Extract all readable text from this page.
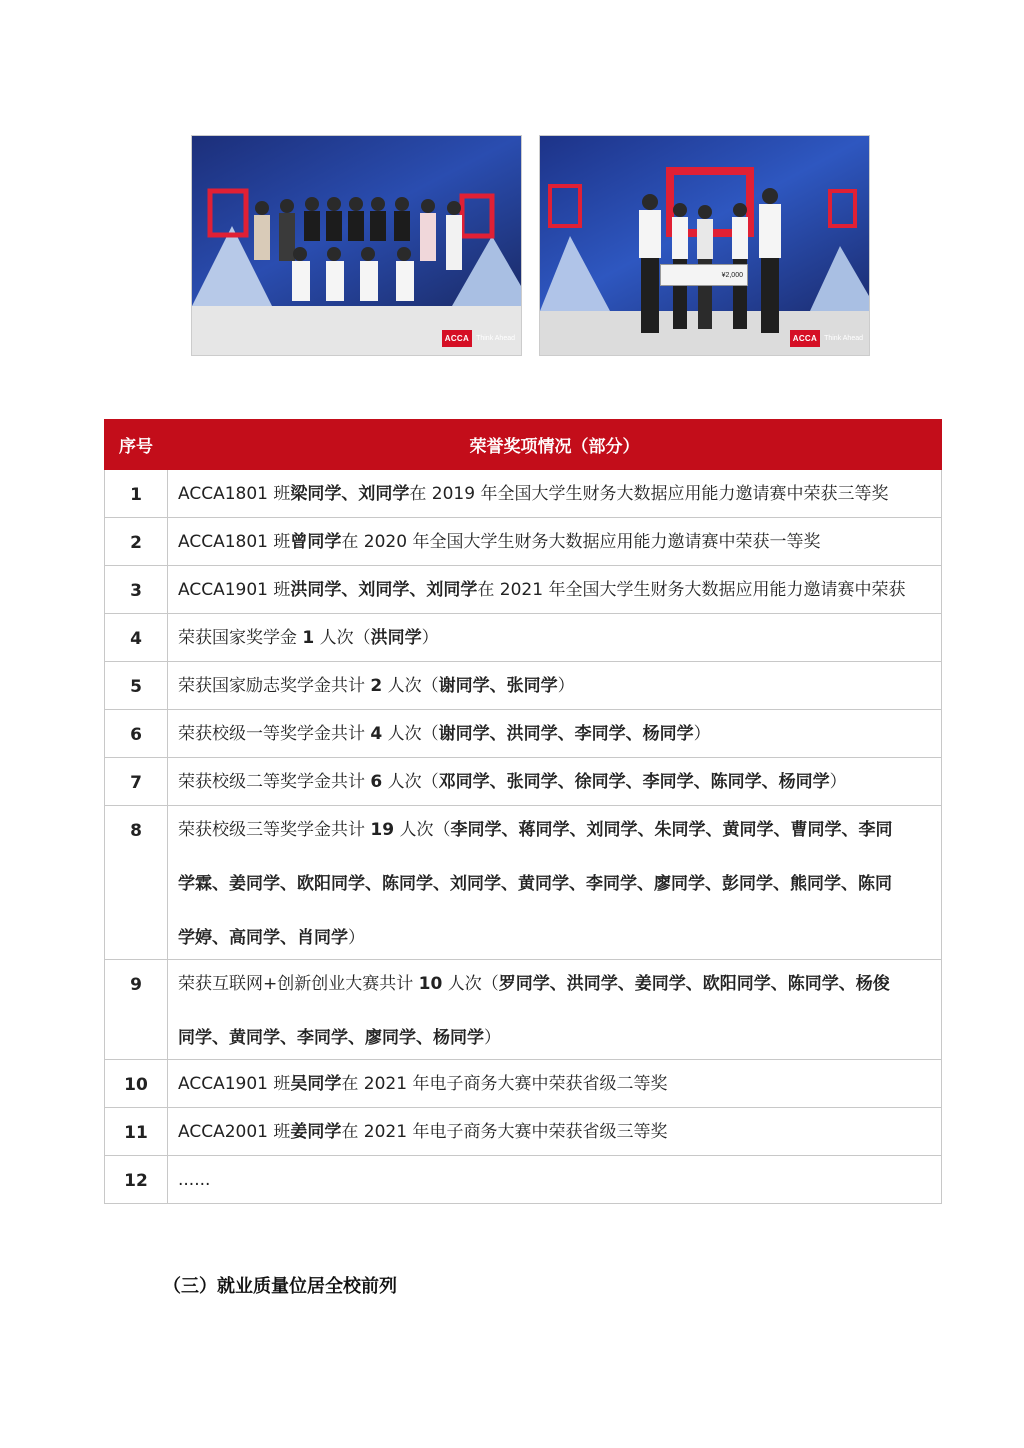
ACCA	Think Ahead
¥2,000
ACCA	Think Ahead
序号	荣誉奖项情况（部分）
1	ACCA1801 班梁同学、刘同学在 2019 年全国大学生财务大数据应用能力邀请赛中荣获三等奖

2	ACCA1801 班曾同学在 2020 年全国大学生财务大数据应用能力邀请赛中荣获一等奖

3	ACCA1901 班洪同学、刘同学、刘同学在 2021 年全国大学生财务大数据应用能力邀请赛中荣获

4	荣获国家奖学金 1 人次（洪同学）

5	荣获国家励志奖学金共计 2 人次（谢同学、张同学）

6	荣获校级一等奖学金共计 4 人次（谢同学、洪同学、李同学、杨同学）

7	荣获校级二等奖学金共计 6 人次（邓同学、张同学、徐同学、李同学、陈同学、杨同学）

8	荣获校级三等奖学金共计 19 人次（李同学、蒋同学、刘同学、朱同学、黄同学、曹同学、李同
学霖、姜同学、欧阳同学、陈同学、刘同学、黄同学、李同学、廖同学、彭同学、熊同学、陈同
学婷、高同学、肖同学）

9	荣获互联网+创新创业大赛共计 10 人次（罗同学、洪同学、姜同学、欧阳同学、陈同学、杨俊
同学、黄同学、李同学、廖同学、杨同学）

10	ACCA1901 班吴同学在 2021 年电子商务大赛中荣获省级二等奖

11	ACCA2001 班姜同学在 2021 年电子商务大赛中荣获省级三等奖

12	......
（三）就业质量位居全校前列
